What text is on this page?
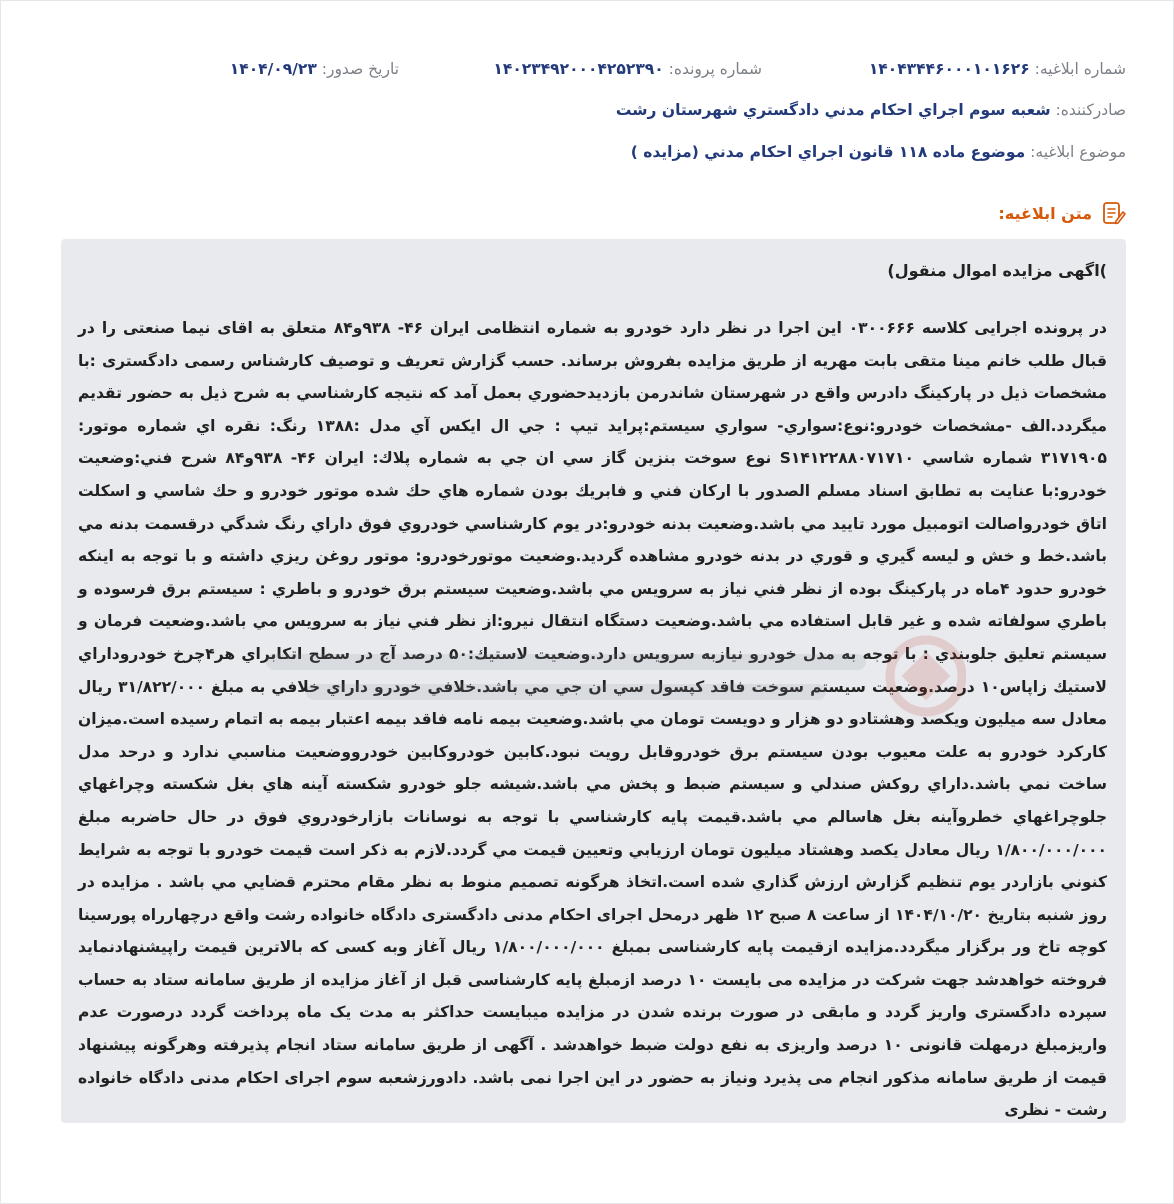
شماره ابلاغیه: ۱۴۰۴۳۴۴۶۰۰۰۱۰۱۶۲۶
شماره پرونده: ۱۴۰۲۳۴۹۲۰۰۰۴۲۵۲۳۹۰
تاریخ صدور: ۱۴۰۴/۰۹/۲۳
صادرکننده: شعبه سوم اجراي احكام مدني دادگستري شهرستان رشت
موضوع ابلاغیه: موضوع ماده ۱۱۸ قانون اجراي احكام مدني (مزايده )
متن ابلاغیه:
)اگهی مزایده اموال منقول)
در پرونده اجرایی کلاسه ۰۳۰۰۶۶۶ اين اجرا در نظر دارد خودرو به شماره انتظامی ايران ۴۶- ۹۳۸و۸۴ متعلق به اقای نیما صنعتی را در قبال طلب خانم مینا متقی بابت مهریه از طريق مزايده بفروش برساند. حسب گزارش تعريف و توصيف كارشناس رسمی دادگستری :با مشخصات ذیل در پارکینگ دادرس واقع در شهرستان شاندرمن بازديدحضوري بعمل آمد كه نتيجه كارشناسي به شرح ذيل به حضور تقديم ميگردد.الف -مشخصات خودرو:نوع:سواري- سواري سيستم:پرايد تيپ : جي ال ايكس آي مدل :۱۳۸۸ رنگ: نقره اي شماره موتور: ۳۱۷۱۹۰۵ شماره شاسي S۱۴۱۲۲۸۸۰۷۱۷۱۰ نوع سوخت بنزين گاز سي ان جي به شماره پلاك: ايران ۴۶- ۹۳۸و۸۴ شرح فني:وضعيت خودرو:با عنايت به تطابق اسناد مسلم الصدور با اركان فني و فابريك بودن شماره هاي حك شده موتور خودرو و حك شاسي و اسكلت اتاق خودرواصالت اتومبيل مورد تاييد مي باشد.وضعيت بدنه خودرو:در يوم كارشناسي خودروي فوق داراي رنگ شدگي درقسمت بدنه مي باشد.خط و خش و ليسه گيري و قوري در بدنه خودرو مشاهده گرديد.وضعيت موتورخودرو: موتور روغن ريزي داشته و با توجه به اينكه خودرو حدود ۴ماه در پاركينگ بوده از نظر فني نياز به سرويس مي باشد.وضعيت سيستم برق خودرو و باطري : سيستم برق فرسوده و باطري سولفاته شده و غير قابل استفاده مي باشد.وضعيت دستگاه انتقال نيرو:از نظر فني نياز به سرويس مي باشد.وضعيت فرمان و سيستم تعليق جلوبندي : با توجه به مدل خودرو نيازبه سرويس دارد.وضعيت لاستيك:۵۰ درصد آج در سطح اتكابراي هر۴چرخ خودروداراي لاستيك زاپاس۱۰ درصد.وضعيت سيستم سوخت فاقد كپسول سي ان جي مي باشد.خلافي خودرو داراي خلافي به مبلغ ۳۱/۸۲۲/۰۰۰ ريال معادل سه ميليون ويكصد وهشتادو دو هزار و دويست تومان مي باشد.وضعيت بيمه نامه فاقد بيمه اعتبار بيمه به اتمام رسيده است.ميزان كاركرد خودرو به علت معيوب بودن سيستم برق خودروقابل رويت نبود.كابين خودروكابين خودرووضعيت مناسبي ندارد و درحد مدل ساخت نمي باشد.داراي روكش صندلي و سيستم ضبط و پخش مي باشد.شيشه جلو خودرو شكسته آينه هاي بغل شكسته وچراغهاي جلوچراغهاي خطروآينه بغل هاسالم مي باشد.قيمت پايه كارشناسي با توجه به نوسانات بازارخودروي فوق در حال حاضربه مبلغ ۱/۸۰۰/۰۰۰/۰۰۰ ريال معادل يكصد وهشتاد ميليون تومان ارزيابي وتعيين قيمت مي گردد.لازم به ذكر است قيمت خودرو با توجه به شرايط كنوني بازاردر يوم تنظيم گزارش ارزش گذاري شده است.اتخاذ هرگونه تصميم منوط به نظر مقام محترم قضايي مي باشد . مزايده در روز شنبه بتاريخ ۱۴۰۴/۱۰/۲۰ از ساعت ۸ صبح ۱۲ ظهر درمحل اجرای احکام مدنی دادگستری دادگاه خانواده رشت واقع درچهارراه پورسينا کوچه تاخ ور برگزار ميگردد.مزايده ازقيمت پايه كارشناسی بمبلغ ۱/۸۰۰/۰۰۰/۰۰۰ ريال آغاز وبه كسی كه بالاترين قيمت راپيشنهادنمايد فروخته خواهدشد جهت شركت در مزايده می بايست ۱۰ درصد ازمبلغ پايه كارشناسی قبل از آغاز مزايده از طريق سامانه ستاد به حساب سپرده دادگستری واريز گردد و مابقی در صورت برنده شدن در مزايده ميبايست حداكثر به مدت يک ماه پرداخت گردد درصورت عدم واريزمبلغ درمهلت قانونی ۱۰ درصد واريزی به نفع دولت ضبط خواهدشد . آگهی از طريق سامانه ستاد انجام پذيرفته وهرگونه پيشنهاد قيمت از طريق سامانه مذكور انجام می پذيرد ونياز به حضور در اين اجرا نمی باشد. دادورزشعبه سوم اجرای احکام مدنی دادگاه خانواده رشت - نظری
